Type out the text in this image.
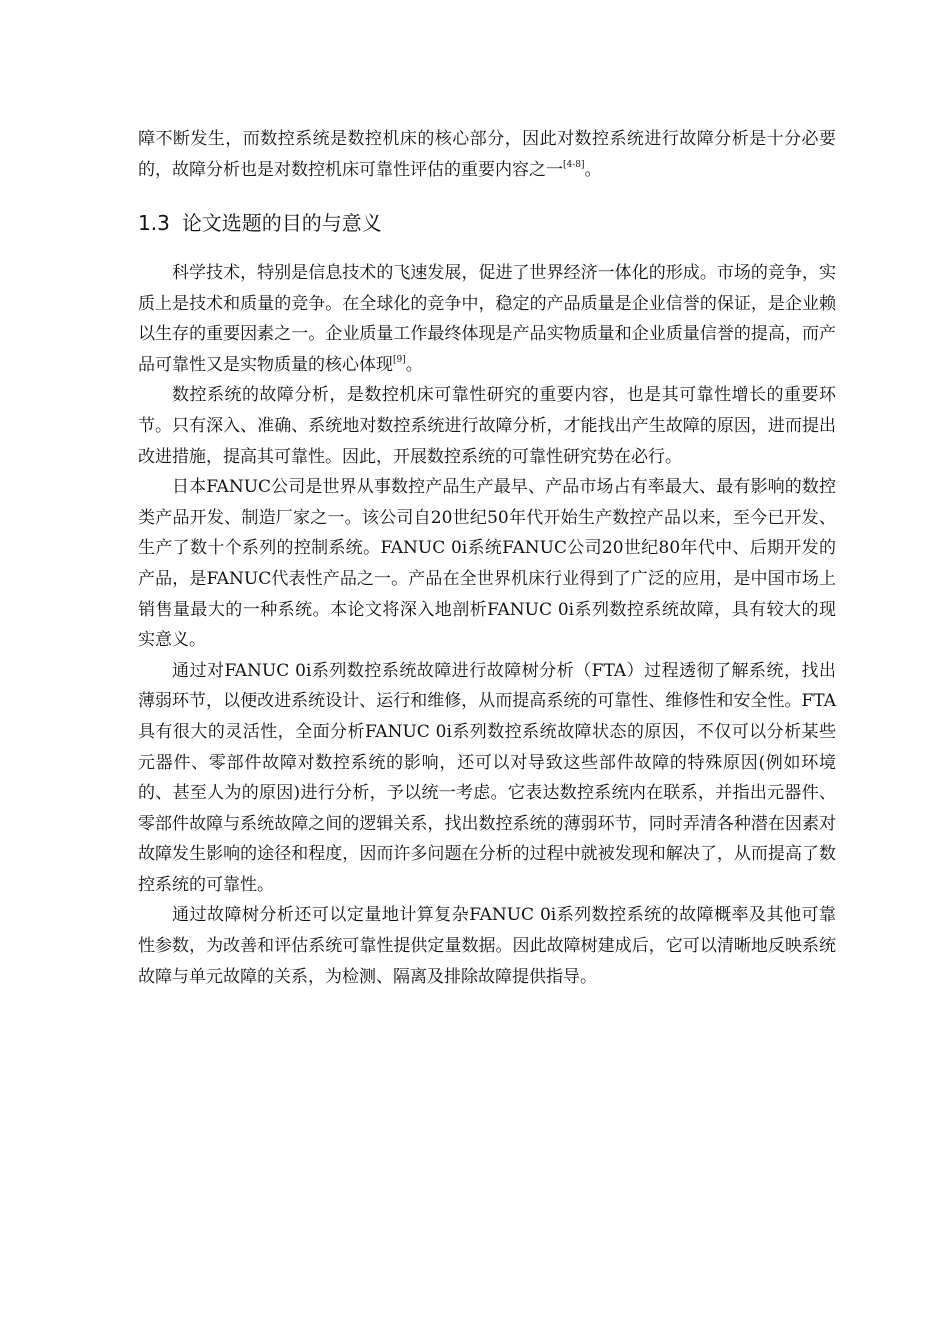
障不断发生，而数控系统是数控机床的核心部分，因此对数控系统进行故障分析是十分必要的，故障分析也是对数控机床可靠性评估的重要内容之一[4-8]。

1.3 论文选题的目的与意义

科学技术，特别是信息技术的飞速发展，促进了世界经济一体化的形成。市场的竞争，实质上是技术和质量的竞争。在全球化的竞争中，稳定的产品质量是企业信誉的保证，是企业赖以生存的重要因素之一。企业质量工作最终体现是产品实物质量和企业质量信誉的提高，而产品可靠性又是实物质量的核心体现[9]。

数控系统的故障分析，是数控机床可靠性研究的重要内容，也是其可靠性增长的重要环节。只有深入、准确、系统地对数控系统进行故障分析，才能找出产生故障的原因，进而提出改进措施，提高其可靠性。因此，开展数控系统的可靠性研究势在必行。

日本FANUC公司是世界从事数控产品生产最早、产品市场占有率最大、最有影响的数控类产品开发、制造厂家之一。该公司自20世纪50年代开始生产数控产品以来，至今已开发、生产了数十个系列的控制系统。FANUC 0i系统FANUC公司20世纪80年代中、后期开发的产品，是FANUC代表性产品之一。产品在全世界机床行业得到了广泛的应用，是中国市场上销售量最大的一种系统。本论文将深入地剖析FANUC 0i系列数控系统故障，具有较大的现实意义。

通过对FANUC 0i系列数控系统故障进行故障树分析（FTA）过程透彻了解系统，找出薄弱环节，以便改进系统设计、运行和维修，从而提高系统的可靠性、维修性和安全性。FTA 具有很大的灵活性，全面分析FANUC 0i系列数控系统故障状态的原因，不仅可以分析某些元器件、零部件故障对数控系统的影响，还可以对导致这些部件故障的特殊原因(例如环境的、甚至人为的原因)进行分析，予以统一考虑。它表达数控系统内在联系，并指出元器件、零部件故障与系统故障之间的逻辑关系，找出数控系统的薄弱环节，同时弄清各种潜在因素对故障发生影响的途径和程度，因而许多问题在分析的过程中就被发现和解决了，从而提高了数控系统的可靠性。

通过故障树分析还可以定量地计算复杂FANUC 0i系列数控系统的故障概率及其他可靠性参数，为改善和评估系统可靠性提供定量数据。因此故障树建成后，它可以清晰地反映系统故障与单元故障的关系，为检测、隔离及排除故障提供指导。
